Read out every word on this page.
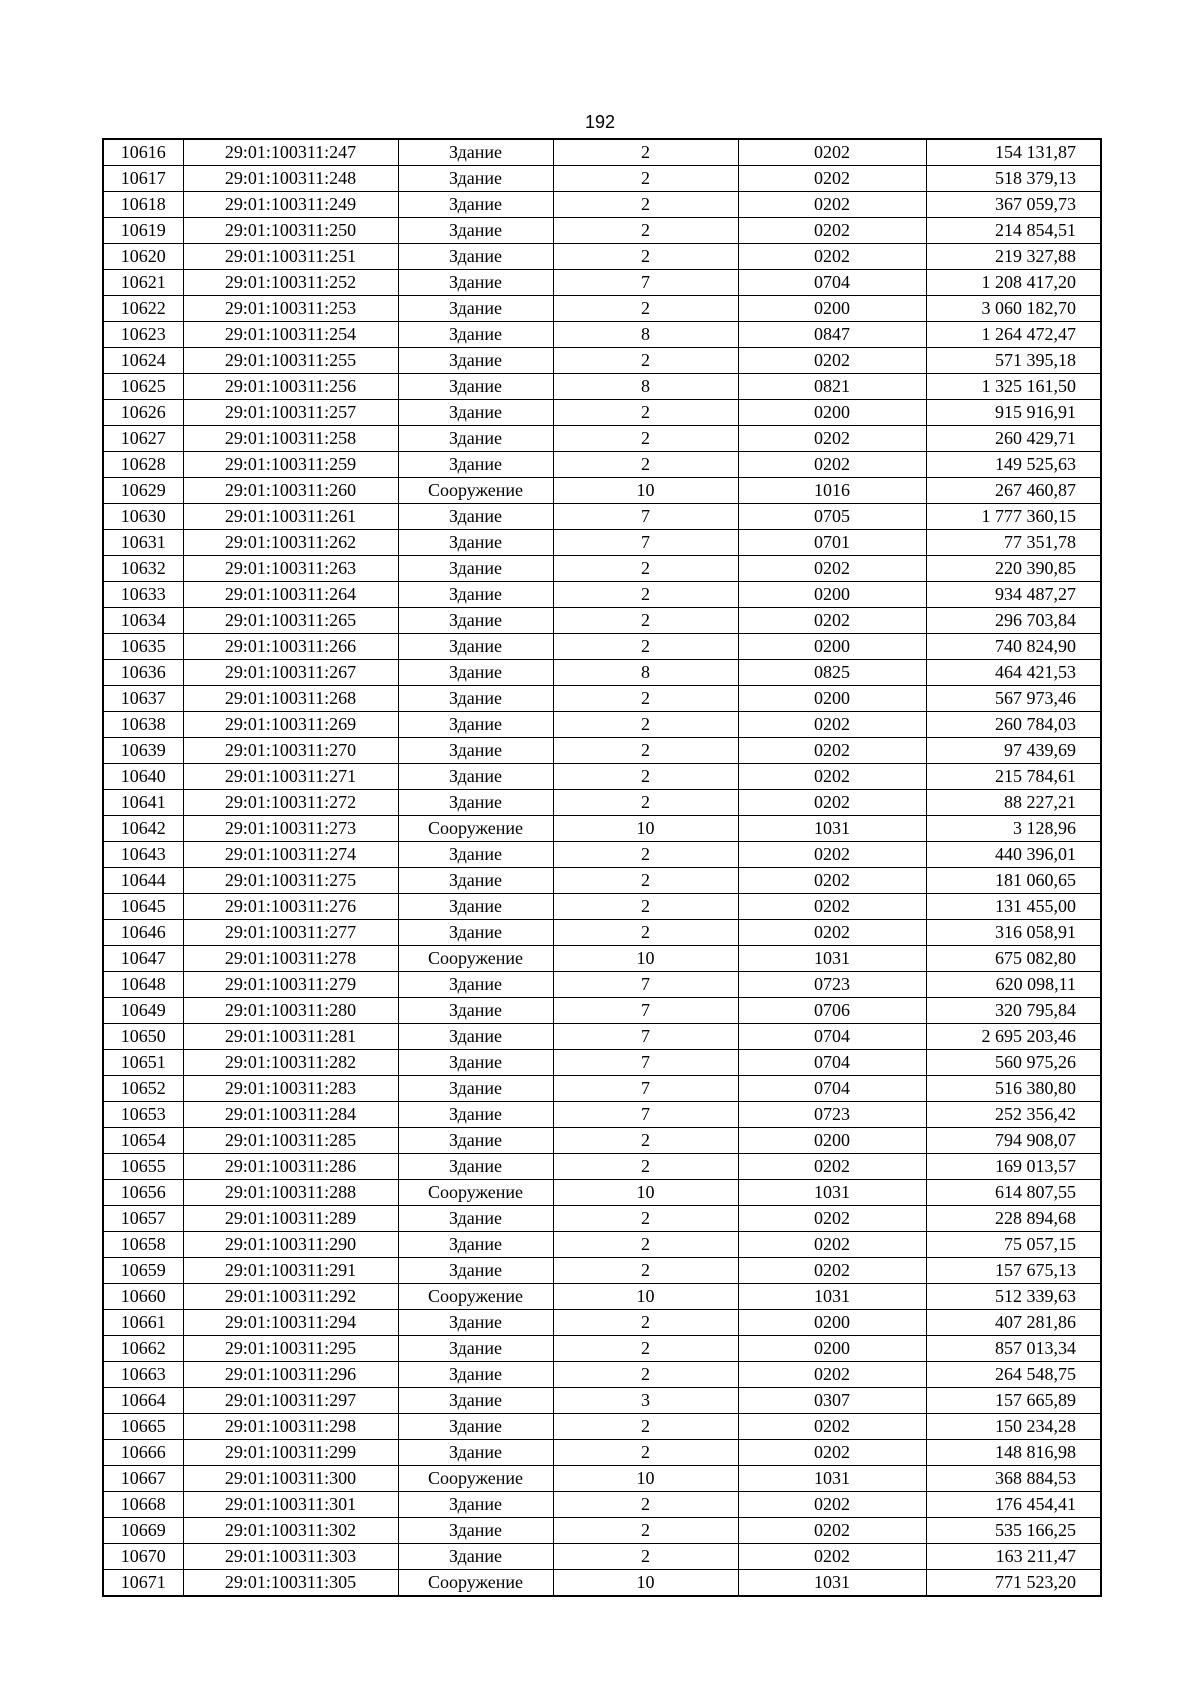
192
10616	29:01:100311:247	Здание	2	0202	154 131,87
10617	29:01:100311:248	Здание	2	0202	518 379,13
10618	29:01:100311:249	Здание	2	0202	367 059,73
10619	29:01:100311:250	Здание	2	0202	214 854,51
10620	29:01:100311:251	Здание	2	0202	219 327,88
10621	29:01:100311:252	Здание	7	0704	1 208 417,20
10622	29:01:100311:253	Здание	2	0200	3 060 182,70
10623	29:01:100311:254	Здание	8	0847	1 264 472,47
10624	29:01:100311:255	Здание	2	0202	571 395,18
10625	29:01:100311:256	Здание	8	0821	1 325 161,50
10626	29:01:100311:257	Здание	2	0200	915 916,91
10627	29:01:100311:258	Здание	2	0202	260 429,71
10628	29:01:100311:259	Здание	2	0202	149 525,63
10629	29:01:100311:260	Сооружение	10	1016	267 460,87
10630	29:01:100311:261	Здание	7	0705	1 777 360,15
10631	29:01:100311:262	Здание	7	0701	77 351,78
10632	29:01:100311:263	Здание	2	0202	220 390,85
10633	29:01:100311:264	Здание	2	0200	934 487,27
10634	29:01:100311:265	Здание	2	0202	296 703,84
10635	29:01:100311:266	Здание	2	0200	740 824,90
10636	29:01:100311:267	Здание	8	0825	464 421,53
10637	29:01:100311:268	Здание	2	0200	567 973,46
10638	29:01:100311:269	Здание	2	0202	260 784,03
10639	29:01:100311:270	Здание	2	0202	97 439,69
10640	29:01:100311:271	Здание	2	0202	215 784,61
10641	29:01:100311:272	Здание	2	0202	88 227,21
10642	29:01:100311:273	Сооружение	10	1031	3 128,96
10643	29:01:100311:274	Здание	2	0202	440 396,01
10644	29:01:100311:275	Здание	2	0202	181 060,65
10645	29:01:100311:276	Здание	2	0202	131 455,00
10646	29:01:100311:277	Здание	2	0202	316 058,91
10647	29:01:100311:278	Сооружение	10	1031	675 082,80
10648	29:01:100311:279	Здание	7	0723	620 098,11
10649	29:01:100311:280	Здание	7	0706	320 795,84
10650	29:01:100311:281	Здание	7	0704	2 695 203,46
10651	29:01:100311:282	Здание	7	0704	560 975,26
10652	29:01:100311:283	Здание	7	0704	516 380,80
10653	29:01:100311:284	Здание	7	0723	252 356,42
10654	29:01:100311:285	Здание	2	0200	794 908,07
10655	29:01:100311:286	Здание	2	0202	169 013,57
10656	29:01:100311:288	Сооружение	10	1031	614 807,55
10657	29:01:100311:289	Здание	2	0202	228 894,68
10658	29:01:100311:290	Здание	2	0202	75 057,15
10659	29:01:100311:291	Здание	2	0202	157 675,13
10660	29:01:100311:292	Сооружение	10	1031	512 339,63
10661	29:01:100311:294	Здание	2	0200	407 281,86
10662	29:01:100311:295	Здание	2	0200	857 013,34
10663	29:01:100311:296	Здание	2	0202	264 548,75
10664	29:01:100311:297	Здание	3	0307	157 665,89
10665	29:01:100311:298	Здание	2	0202	150 234,28
10666	29:01:100311:299	Здание	2	0202	148 816,98
10667	29:01:100311:300	Сооружение	10	1031	368 884,53
10668	29:01:100311:301	Здание	2	0202	176 454,41
10669	29:01:100311:302	Здание	2	0202	535 166,25
10670	29:01:100311:303	Здание	2	0202	163 211,47
10671	29:01:100311:305	Сооружение	10	1031	771 523,20
